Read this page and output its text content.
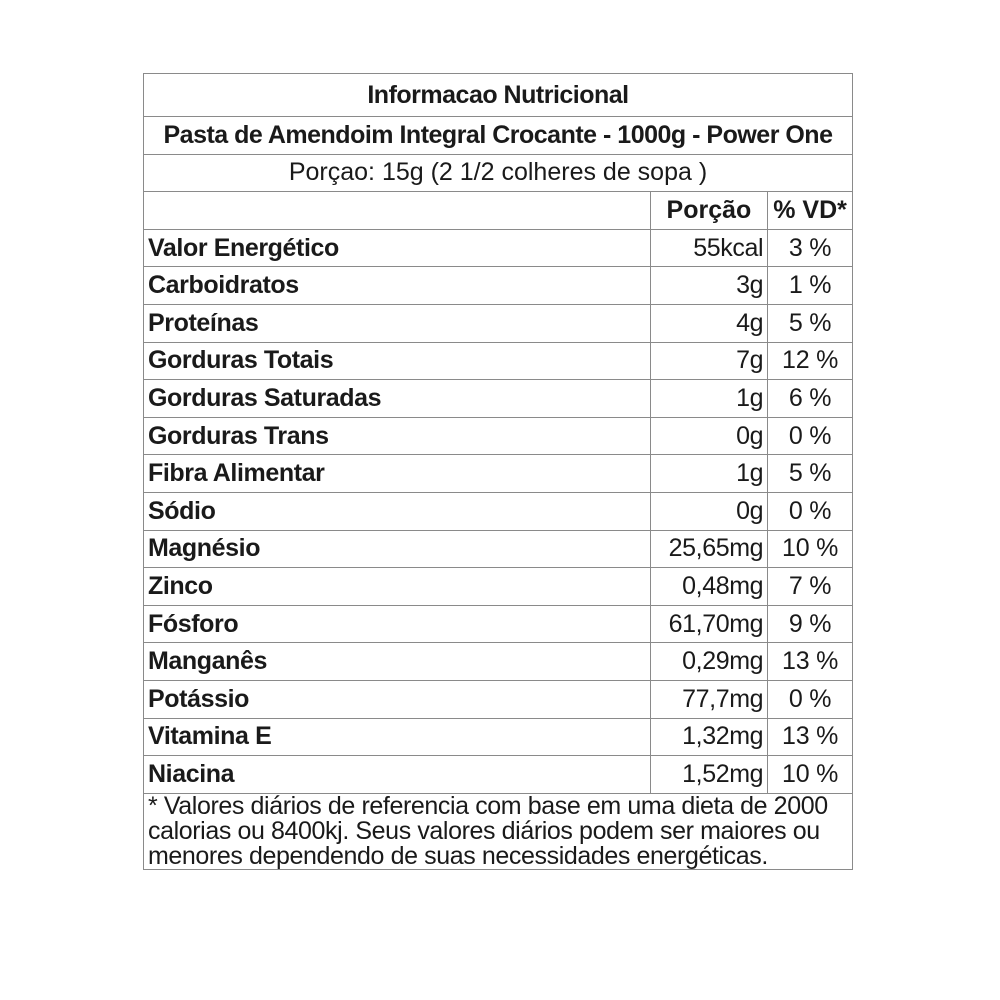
Informacao Nutricional		
Pasta de Amendoim Integral Crocante - 1000g - Power One		
Porçao: 15g (2 1/2 colheres de sopa )		
	Porção	% VD*
Valor Energético	55kcal	3 %
Carboidratos	3g	1 %
Proteínas	4g	5 %
Gorduras Totais	7g	12 %
Gorduras Saturadas	1g	6 %
Gorduras Trans	0g	0 %
Fibra Alimentar	1g	5 %
Sódio	0g	0 %
Magnésio	25,65mg	10 %
Zinco	0,48mg	7 %
Fósforo	61,70mg	9 %
Manganês	0,29mg	13 %
Potássio	77,7mg	0 %
Vitamina E	1,32mg	13 %
Niacina	1,52mg	10 %

* Valores diários de referencia com base em uma dieta de 2000
calorias ou 8400kj. Seus valores diários podem ser maiores ou
menores dependendo de suas necessidades energéticas.		
